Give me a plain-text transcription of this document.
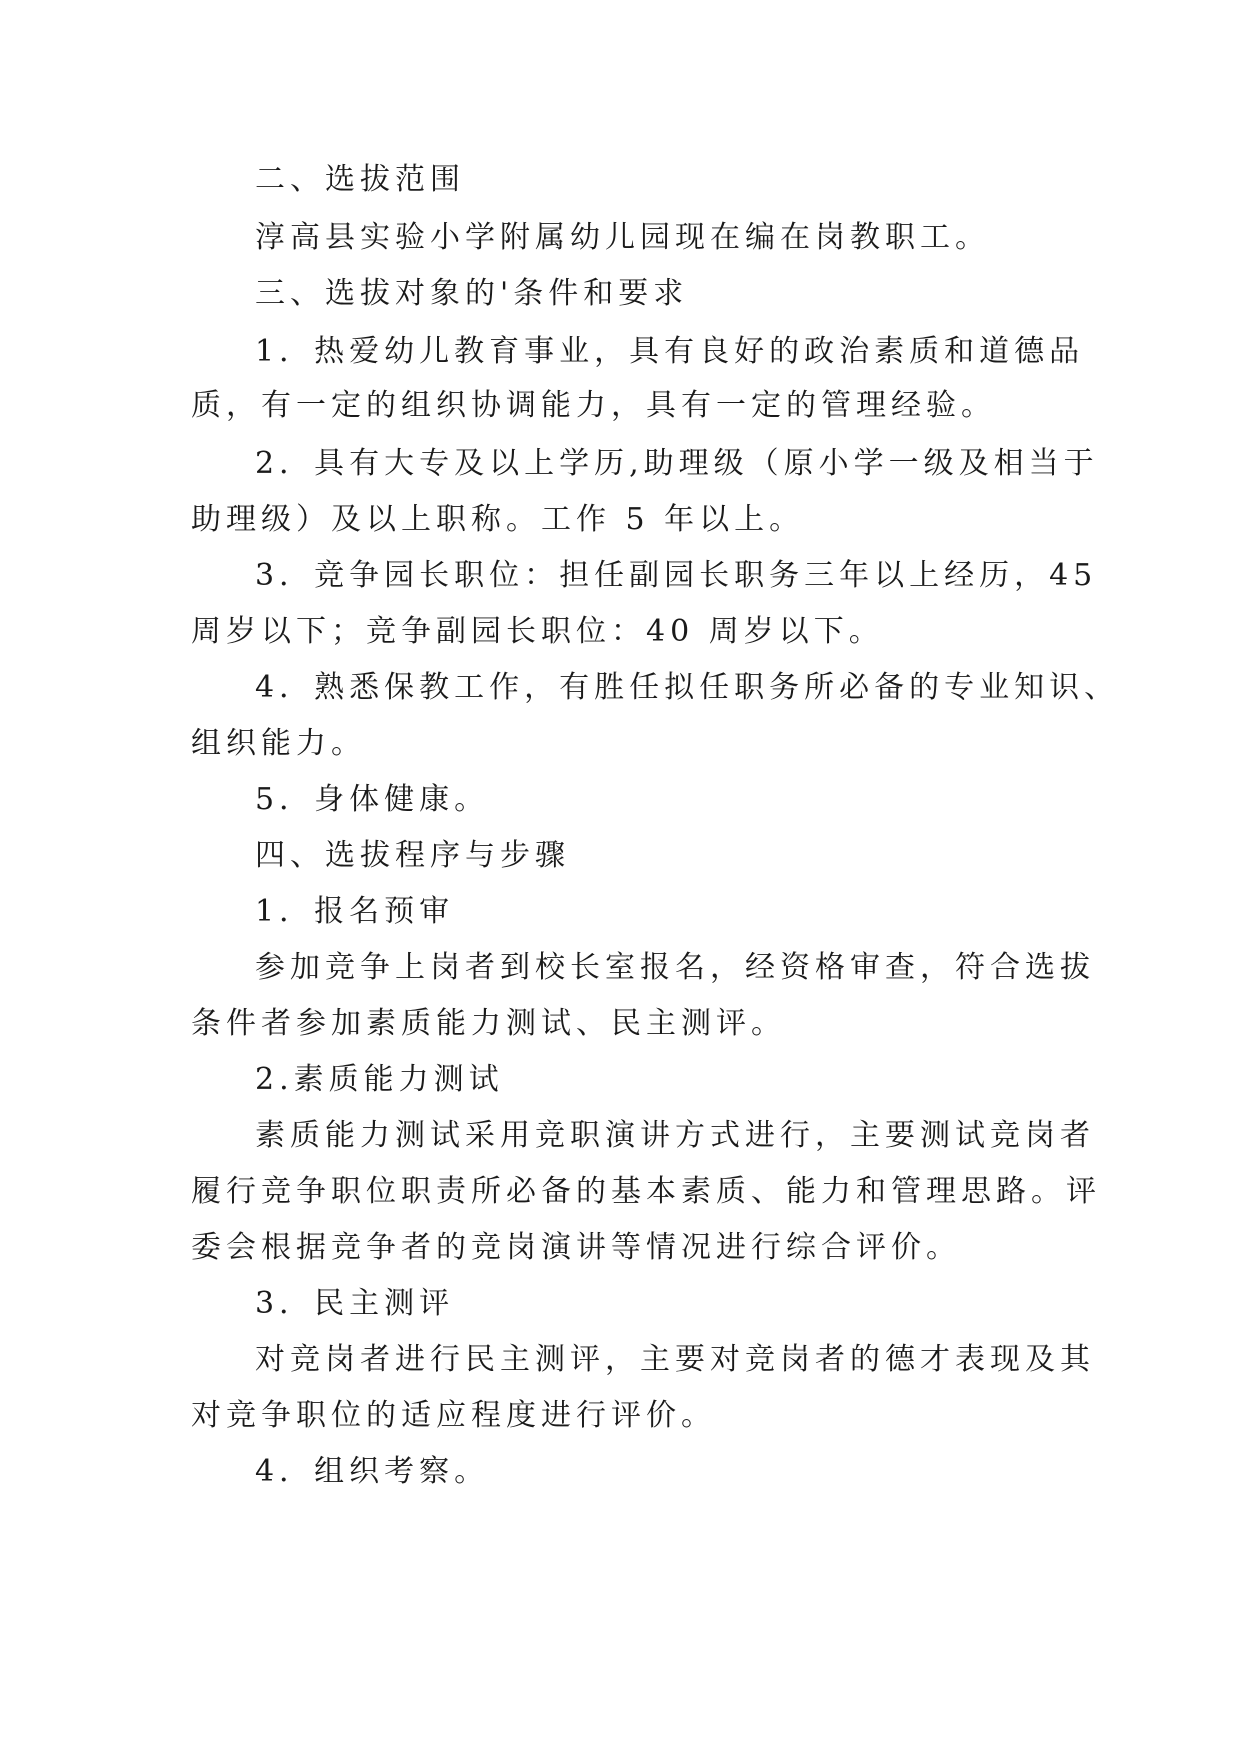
二、选拔范围
淳高县实验小学附属幼儿园现在编在岗教职工。
三、选拔对象的'条件和要求
1．热爱幼儿教育事业，具有良好的政治素质和道德品
质，有一定的组织协调能力，具有一定的管理经验。
2．具有大专及以上学历,助理级（原小学一级及相当于
助理级）及以上职称。工作 5 年以上。
3．竞争园长职位：担任副园长职务三年以上经历，45
周岁以下；竞争副园长职位：40 周岁以下。
4．熟悉保教工作，有胜任拟任职务所必备的专业知识、
组织能力。
5．身体健康。
四、选拔程序与步骤
1．报名预审
参加竞争上岗者到校长室报名，经资格审查，符合选拔
条件者参加素质能力测试、民主测评。
2.素质能力测试
素质能力测试采用竞职演讲方式进行，主要测试竞岗者
履行竞争职位职责所必备的基本素质、能力和管理思路。评
委会根据竞争者的竞岗演讲等情况进行综合评价。
3．民主测评
对竞岗者进行民主测评，主要对竞岗者的德才表现及其
对竞争职位的适应程度进行评价。
4．组织考察。
